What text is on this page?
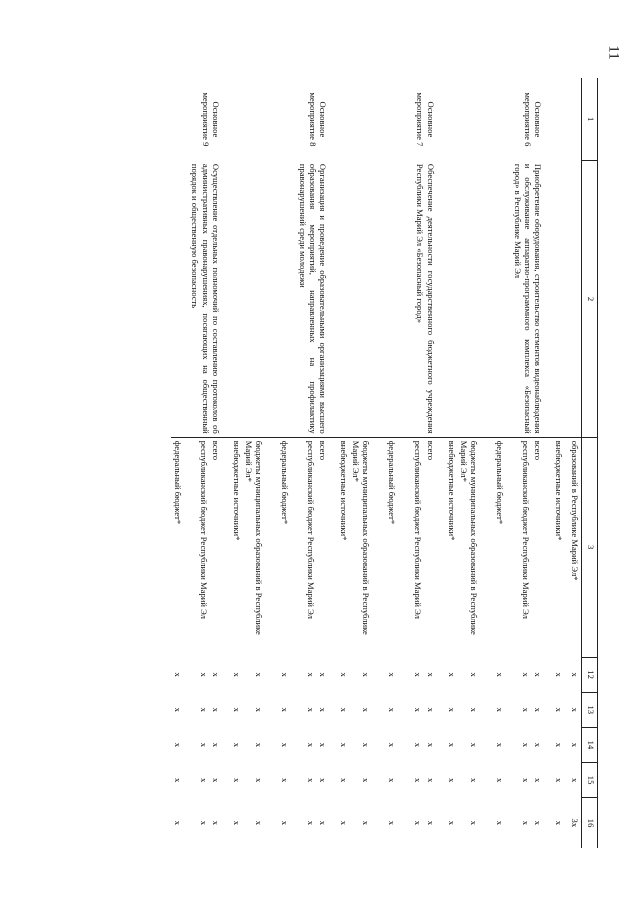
11
1	2	3	12	13	14	15	16
		образований в Республике Марий Эл*	х	х	х	х	3х
		внебюджетные источники*	х	х	х	х	х
Основное мероприятие 6	Приобретение оборудования, строительство сегментов видеонаблюдения и обслуживание аппаратно-программного комплекса «Безопасный город» в Республике Марий Эл	всего	х	х	х	х	х
		республиканский бюджет Республики Марий Эл	х	х	х	х	х
		федеральный бюджет*	х	х	х	х	х
		бюджеты муниципальных образований в Республике Марий Эл*	х	х	х	х	х
		внебюджетные источники*	х	х	х	х	х
Основное мероприятие 7	Обеспечение деятельности государственного бюджетного учреждения Республики Марий Эл «Безопасный город»	всего	х	х	х	х	х
		республиканский бюджет Республики Марий Эл	х	х	х	х	х
		федеральный бюджет*	х	х	х	х	х
		бюджеты муниципальных образований в Республике Марий Эл*	х	х	х	х	х
		внебюджетные источники*	х	х	х	х	х
Основное мероприятие 8	Организация и проведение образовательными организациями высшего образования мероприятий, направленных на профилактику правонарушений среди молодежи	всего	х	х	х	х	х
		республиканский бюджет Республики Марий Эл	х	х	х	х	х
		федеральный бюджет*	х	х	х	х	х
		бюджеты муниципальных образований в Республике Марий Эл*	х	х	х	х	х
		внебюджетные источники*	х	х	х	х	х
Основное мероприятие 9	Осуществление отдельных полномочий по составлению протоколов об административных правонарушениях, посягающих на общественный порядок и общественную безопасность	всего	х	х	х	х	х
		республиканский бюджет Республики Марий Эл	х	х	х	х	х
		федеральный бюджет*	х	х	х	х	х
